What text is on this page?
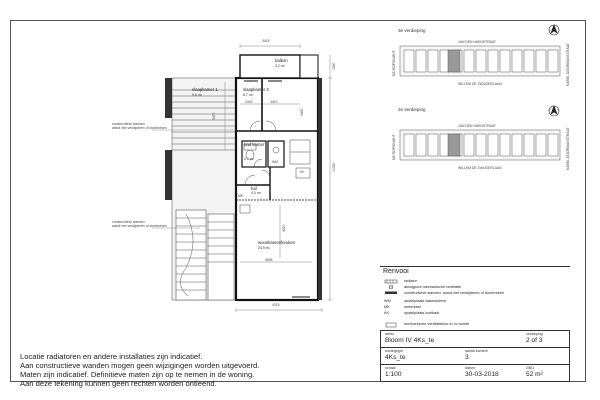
3415
4215
10330
1560
2440	3410
3470
3430
4320
3635
balkon
3,2 m²
slaapkamer 1
9,6 m²
slaapkamer 2
8,7 m²
bad kamer
2,7 m²
hal
4,0 m²
woonkamer/keuken
24,5 m²
WM
MK
KK
constructieve wanden
wand niet verwijderen of doorbreken
constructieve wanden
wand niet verwijderen of doorbreken
3e verdieping
JAN DEN HAENSTRAAT
WILLEM DE ZWIJGERLAAN
DE ROPSINGHT	KAREL DOORMANSTRAAT
2e verdieping
JAN DEN HAENSTRAAT
WILLEM DE ZWIJGERLAAN
DE ROPSINGHT	KAREL DOORMANSTRAAT
Renvooi
radiator
afzuigpunt mechanische ventilatie
constructieve wanden, wand niet verwijderen of doorbreken
WM	opstelplaats wasmachine
MK	meterkast
KK	opstelplaats koelkast
mechanische ventilatiebox in cv-ruimte
adres
Bloom IV 4Ks_te
verdieping
2 of 3
woningtype
4Ks_te
aantal kamers
3
schaal
1:100
datum
30-03-2018
GBO
52 m²
Locatie radiatoren en andere installaties zijn indicatief.
Aan constructieve wanden mogen geen wijzigingen worden uitgevoerd.
Maten zijn indicatief. Definitieve maten zijn op te nemen in de woning.
Aan deze tekening kunnen geen rechten worden ontleend.
